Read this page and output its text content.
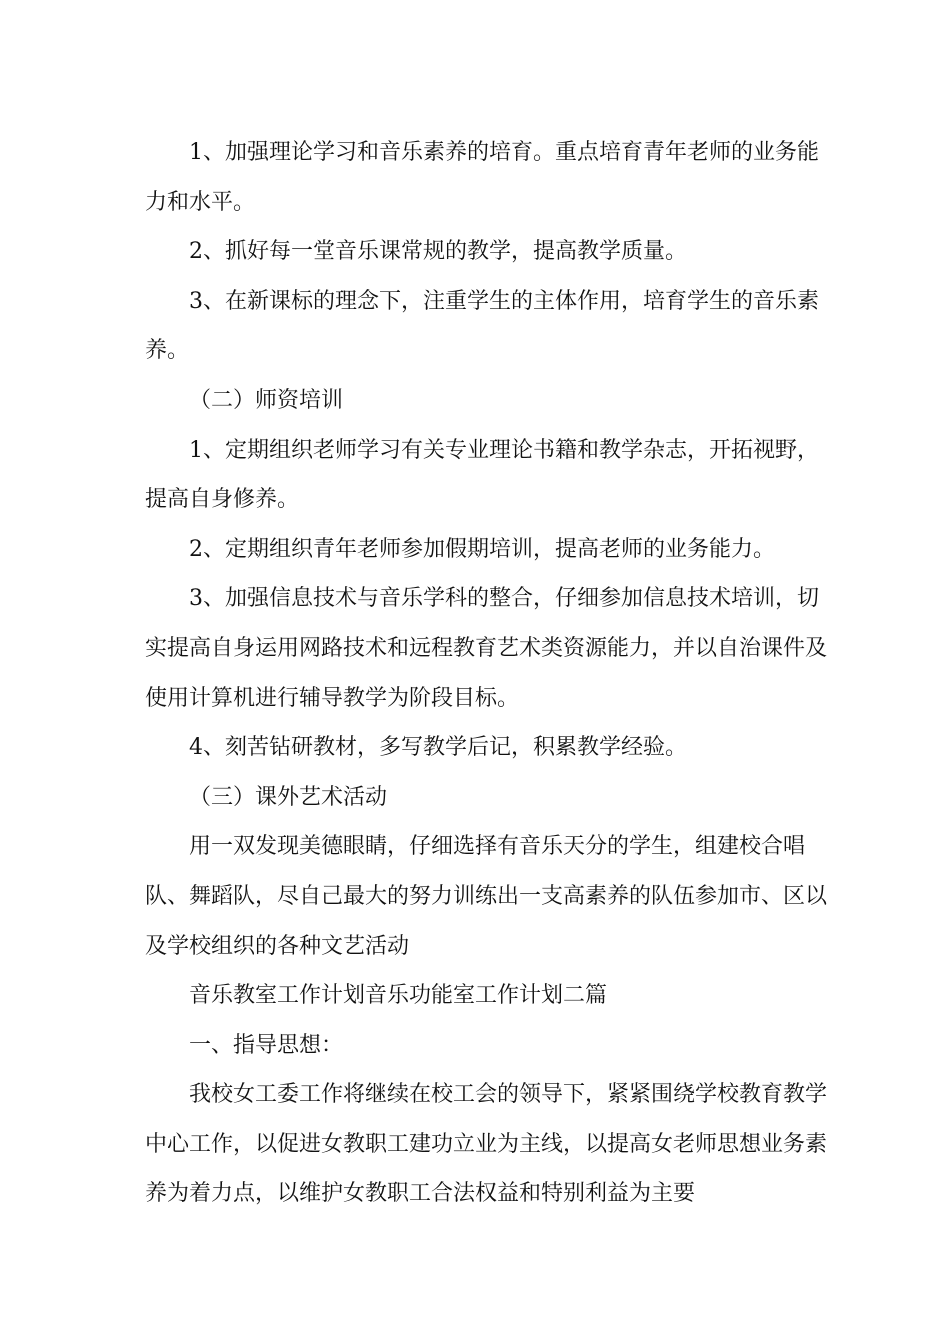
1、加强理论学习和音乐素养的培育。重点培育青年老师的业务能力和水平。

2、抓好每一堂音乐课常规的教学，提高教学质量。

3、在新课标的理念下，注重学生的主体作用，培育学生的音乐素养。

（二）师资培训

1、定期组织老师学习有关专业理论书籍和教学杂志，开拓视野，提高自身修养。

2、定期组织青年老师参加假期培训，提高老师的业务能力。

3、加强信息技术与音乐学科的整合，仔细参加信息技术培训，切实提高自身运用网路技术和远程教育艺术类资源能力，并以自治课件及使用计算机进行辅导教学为阶段目标。

4、刻苦钻研教材，多写教学后记，积累教学经验。

（三）课外艺术活动

用一双发现美德眼睛，仔细选择有音乐天分的学生，组建校合唱队、舞蹈队，尽自己最大的努力训练出一支高素养的队伍参加市、区以及学校组织的各种文艺活动

音乐教室工作计划音乐功能室工作计划二篇

一、指导思想：

我校女工委工作将继续在校工会的领导下，紧紧围绕学校教育教学中心工作，以促进女教职工建功立业为主线，以提高女老师思想业务素养为着力点，以维护女教职工合法权益和特别利益为主要
